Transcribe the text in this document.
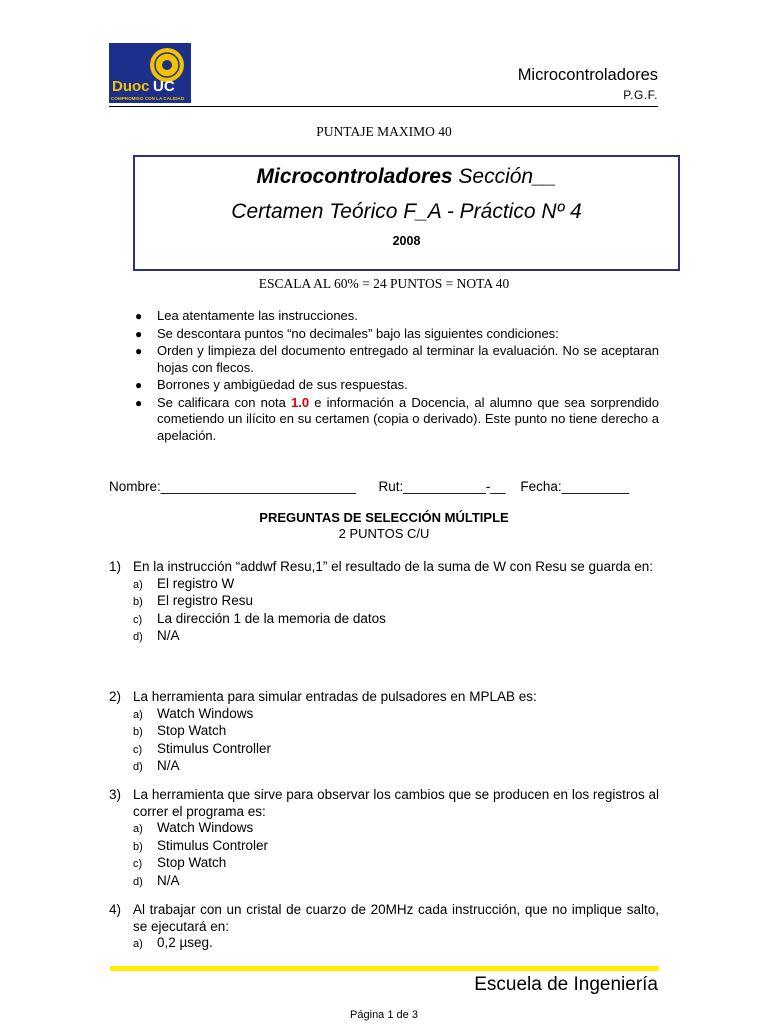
Duoc UC
COMPROMISO CON LA CALIDAD
Microcontroladores
P.G.F.
PUNTAJE MAXIMO 40
Microcontroladores Sección__
Certamen Teórico F_A - Práctico Nº 4
2008
ESCALA AL 60% = 24 PUNTOS = NOTA 40
● Lea atentamente las instrucciones.
● Se descontara puntos “no decimales” bajo las siguientes condiciones:
● Orden y limpieza del documento entregado al terminar la evaluación. No se aceptaran hojas con flecos.
● Borrones y ambigüedad de sus respuestas.
● Se calificara con nota 1.0 e información a Docencia, al alumno que sea sorprendido cometiendo un ilícito en su certamen (copia o derivado). Este punto no tiene derecho a apelación.
Nombre:__________________________      Rut:___________-__    Fecha:_________
PREGUNTAS DE SELECCIÓN MÚLTIPLE
2 PUNTOS C/U
1) En la instrucción “addwf Resu,1” el resultado de la suma de W con Resu se guarda en:
a)	El registro W
b)	El registro Resu
c)	La dirección 1 de la memoria de datos
d)	N/A
2) La herramienta para simular entradas de pulsadores en MPLAB es:
a)	Watch Windows
b)	Stop Watch
c)	Stimulus Controller
d)	N/A
3) La herramienta que sirve para observar los cambios que se producen en los registros al correr el programa es:
a)	Watch Windows
b)	Stimulus Controler
c)	Stop Watch
d)	N/A
4) Al trabajar con un cristal de cuarzo de 20MHz cada instrucción, que no implique salto, se ejecutará en:
a)	0,2 µseg.
Escuela de Ingeniería
Página 1 de 3
